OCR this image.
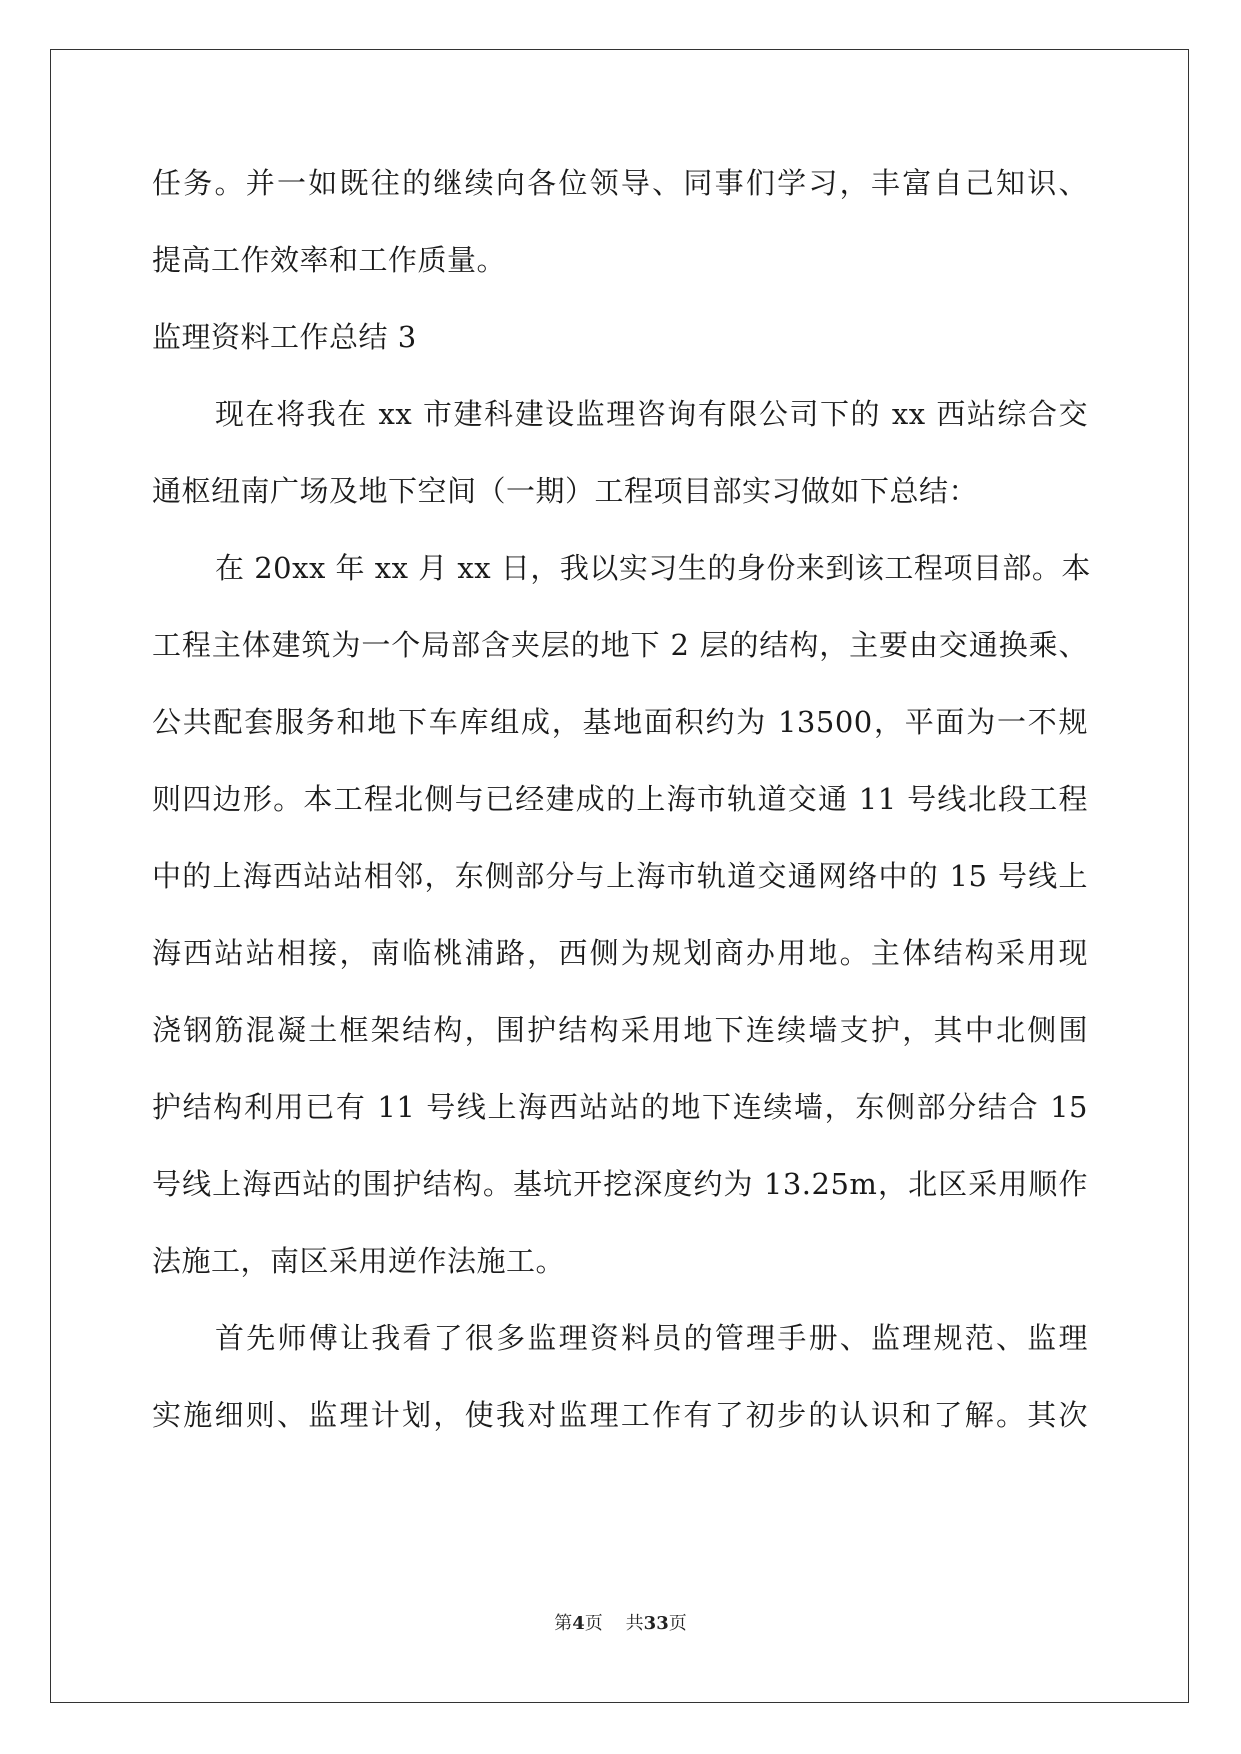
任务。并一如既往的继续向各位领导、同事们学习，丰富自己知识、
提高工作效率和工作质量。
监理资料工作总结 3
现在将我在 xx 市建科建设监理咨询有限公司下的 xx 西站综合交
通枢纽南广场及地下空间（一期）工程项目部实习做如下总结：
在 20xx 年 xx 月 xx 日，我以实习生的身份来到该工程项目部。本
工程主体建筑为一个局部含夹层的地下 2 层的结构，主要由交通换乘、
公共配套服务和地下车库组成，基地面积约为 13500，平面为一不规
则四边形。本工程北侧与已经建成的上海市轨道交通 11 号线北段工程
中的上海西站站相邻，东侧部分与上海市轨道交通网络中的 15 号线上
海西站站相接，南临桃浦路，西侧为规划商办用地。主体结构采用现
浇钢筋混凝土框架结构，围护结构采用地下连续墙支护，其中北侧围
护结构利用已有 11 号线上海西站站的地下连续墙，东侧部分结合 15
号线上海西站的围护结构。基坑开挖深度约为 13.25m，北区采用顺作
法施工，南区采用逆作法施工。
首先师傅让我看了很多监理资料员的管理手册、监理规范、监理
实施细则、监理计划，使我对监理工作有了初步的认识和了解。其次
第4页 共33页
